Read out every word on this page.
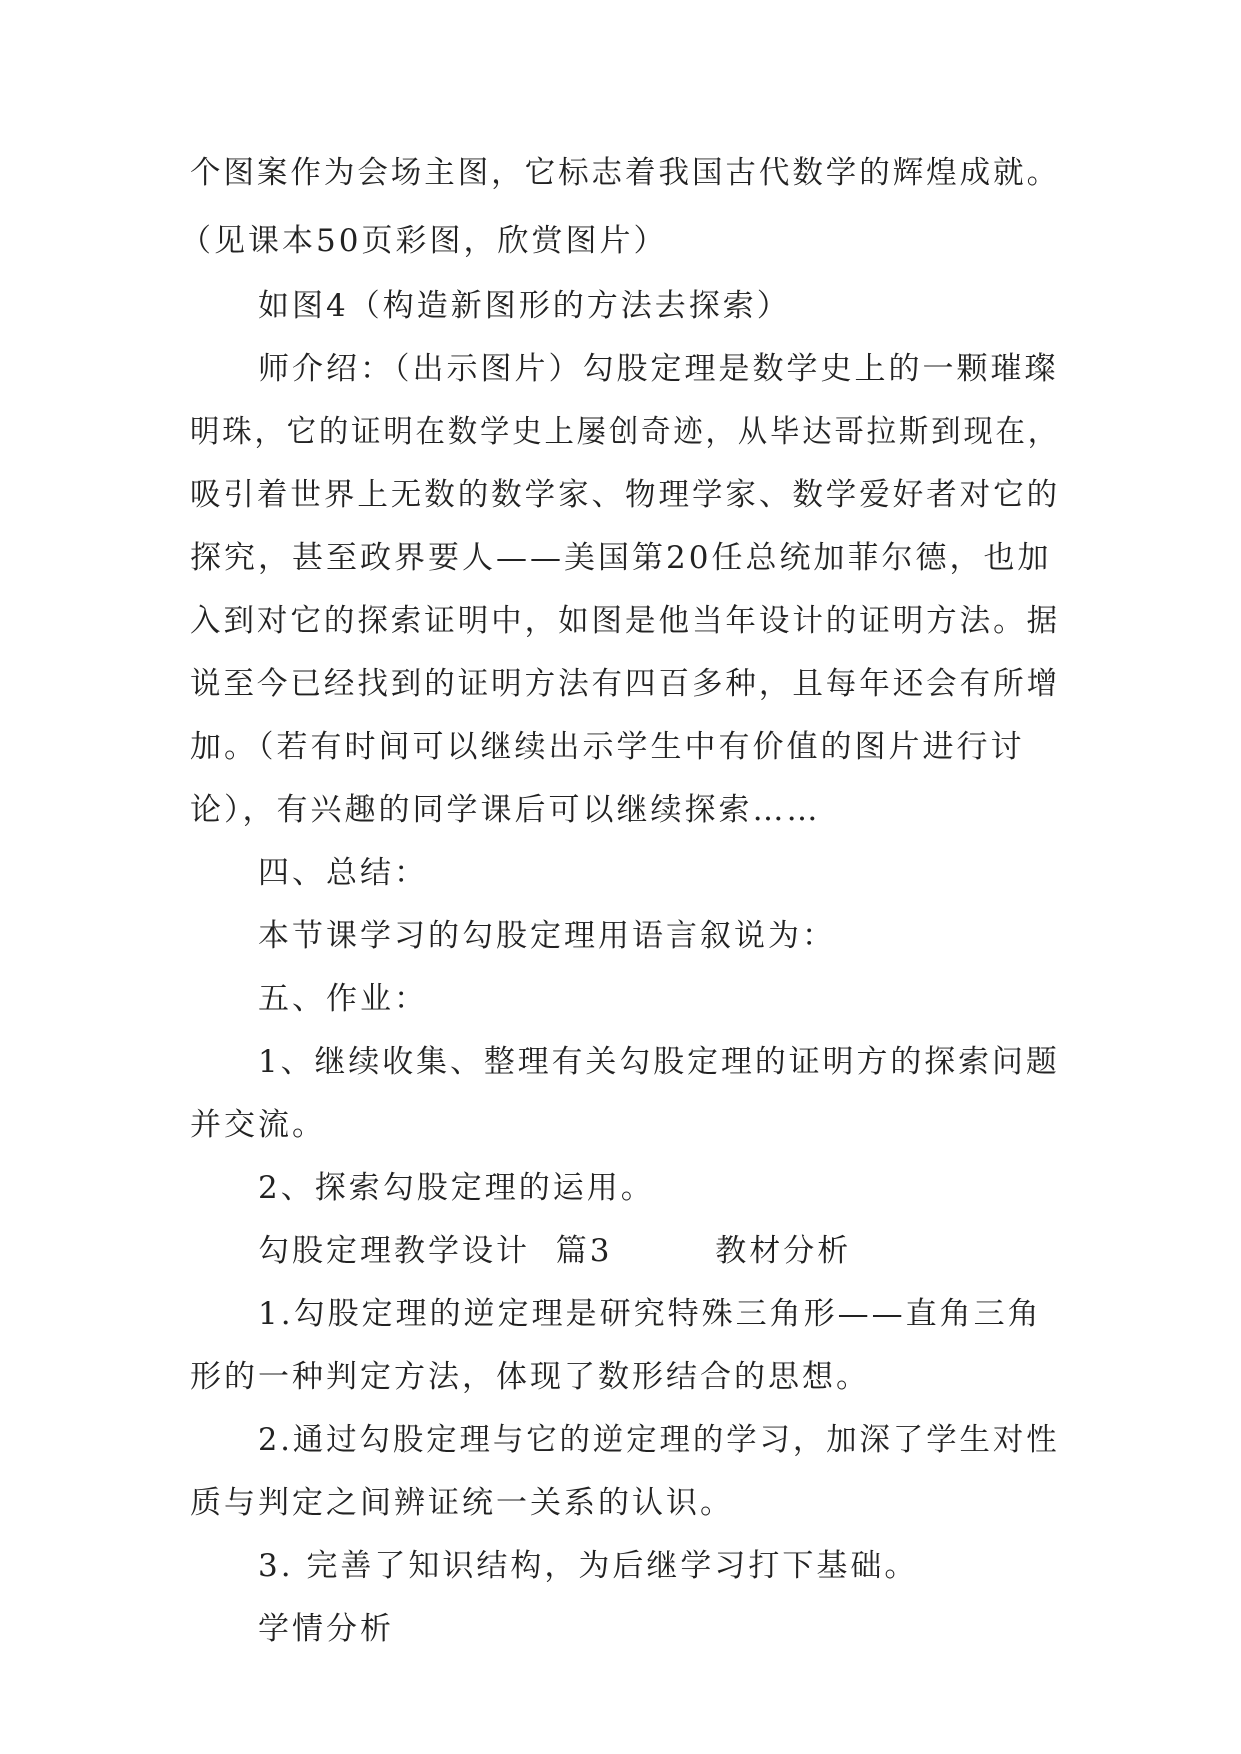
个图案作为会场主图，它标志着我国古代数学的辉煌成就。
（见课本50页彩图，欣赏图片）
如图4（构造新图形的方法去探索）
师介绍：（出示图片）勾股定理是数学史上的一颗璀璨
明珠，它的证明在数学史上屡创奇迹，从毕达哥拉斯到现在，
吸引着世界上无数的数学家、物理学家、数学爱好者对它的
探究，甚至政界要人——美国第20任总统加菲尔德，也加
入到对它的探索证明中，如图是他当年设计的证明方法。据
说至今已经找到的证明方法有四百多种，且每年还会有所增
加。（若有时间可以继续出示学生中有价值的图片进行讨
论），有兴趣的同学课后可以继续探索……
四、总结：
本节课学习的勾股定理用语言叙说为：
五、作业：
1、继续收集、整理有关勾股定理的证明方的探索问题
并交流。
2、探索勾股定理的运用。
勾股定理教学设计  篇3        教材分析
1.勾股定理的逆定理是研究特殊三角形——直角三角
形的一种判定方法，体现了数形结合的思想。
2.通过勾股定理与它的逆定理的学习，加深了学生对性
质与判定之间辨证统一关系的认识。
3. 完善了知识结构，为后继学习打下基础。
学情分析
